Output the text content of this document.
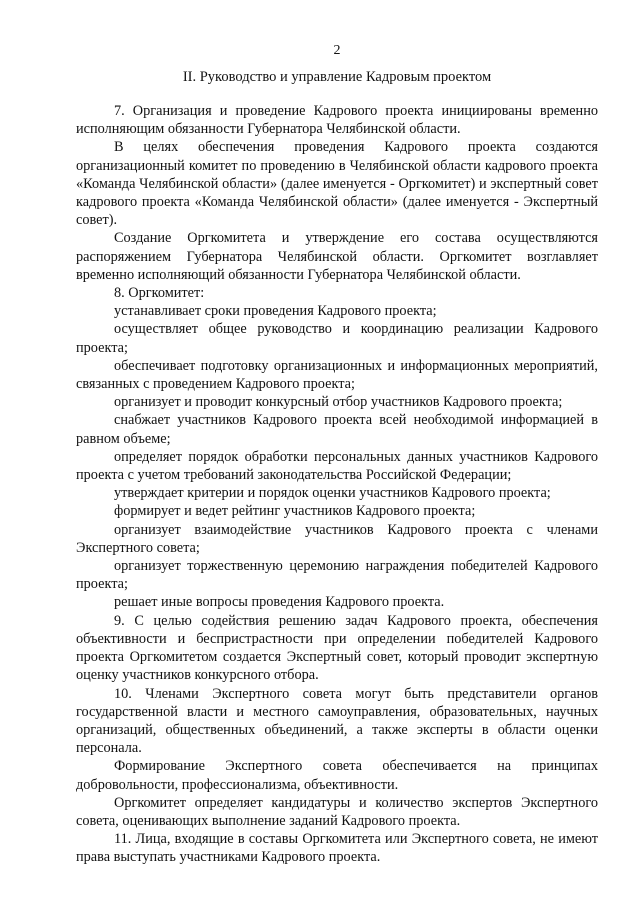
2
II. Руководство и управление Кадровым проектом

7. Организация и проведение Кадрового проекта инициированы временно исполняющим обязанности Губернатора Челябинской области.

В целях обеспечения проведения Кадрового проекта создаются организационный комитет по проведению в Челябинской области кадрового проекта «Команда Челябинской области» (далее именуется - Оргкомитет) и экспертный совет кадрового проекта «Команда Челябинской области» (далее именуется - Экспертный совет).

Создание Оргкомитета и утверждение его состава осуществляются распоряжением Губернатора Челябинской области. Оргкомитет возглавляет временно исполняющий обязанности Губернатора Челябинской области.

8. Оргкомитет:

устанавливает сроки проведения Кадрового проекта;

осуществляет общее руководство и координацию реализации Кадрового проекта;

обеспечивает подготовку организационных и информационных мероприятий, связанных с проведением Кадрового проекта;

организует и проводит конкурсный отбор участников Кадрового проекта;

снабжает участников Кадрового проекта всей необходимой информацией в равном объеме;

определяет порядок обработки персональных данных участников Кадрового проекта с учетом требований законодательства Российской Федерации;

утверждает критерии и порядок оценки участников Кадрового проекта;

формирует и ведет рейтинг участников Кадрового проекта;

организует взаимодействие участников Кадрового проекта с членами Экспертного совета;

организует торжественную церемонию награждения победителей Кадрового проекта;

решает иные вопросы проведения Кадрового проекта.

9. С целью содействия решению задач Кадрового проекта, обеспечения объективности и беспристрастности при определении победителей Кадрового проекта Оргкомитетом создается Экспертный совет, который проводит экспертную оценку участников конкурсного отбора.

10. Членами Экспертного совета могут быть представители органов государственной власти и местного самоуправления, образовательных, научных организаций, общественных объединений, а также эксперты в области оценки персонала.

Формирование Экспертного совета обеспечивается на принципах добровольности, профессионализма, объективности.

Оргкомитет определяет кандидатуры и количество экспертов Экспертного совета, оценивающих выполнение заданий Кадрового проекта.

11. Лица, входящие в составы Оргкомитета или Экспертного совета, не имеют права выступать участниками Кадрового проекта.
